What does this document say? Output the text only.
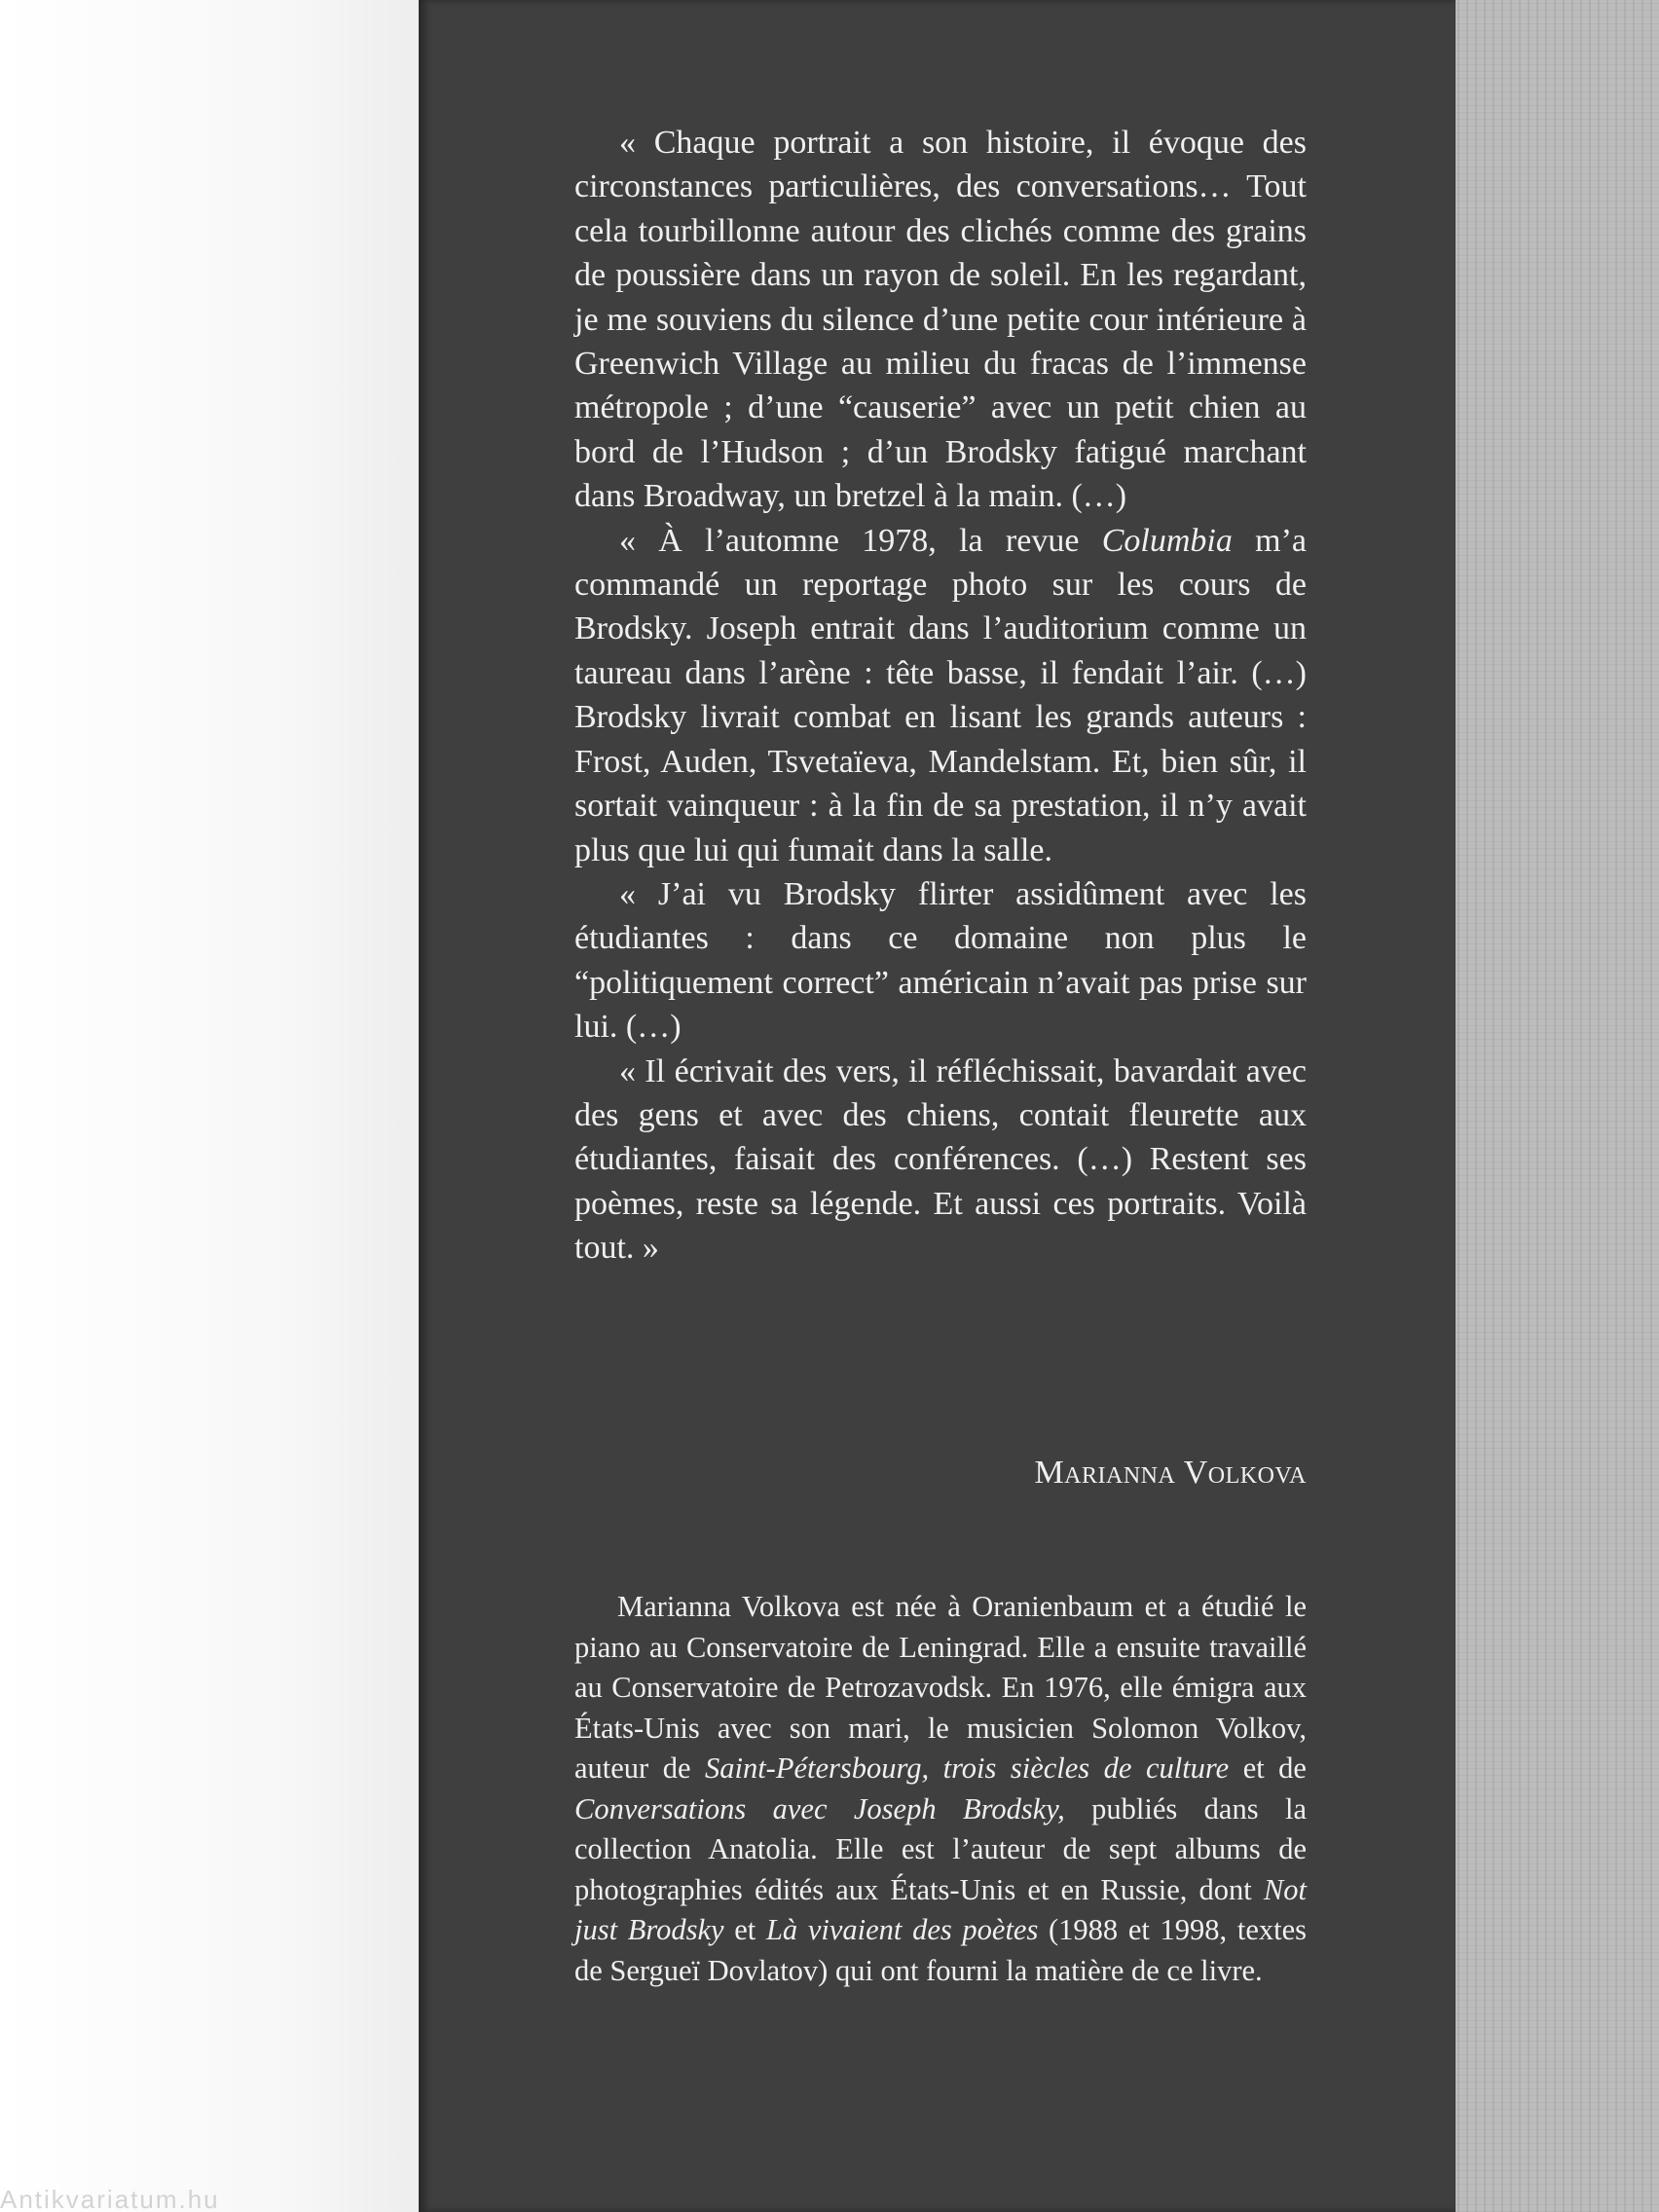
« Chaque portrait a son histoire, il évoque des circonstances particulières, des conversations… Tout cela tourbillonne autour des clichés comme des grains de poussière dans un rayon de soleil. En les regardant, je me souviens du silence d’une petite cour intérieure à Greenwich Village au milieu du fracas de l’immense métropole ; d’une “causerie” avec un petit chien au bord de l’Hudson ; d’un Brodsky fatigué marchant dans Broadway, un bretzel à la main. (…)

« À l’automne 1978, la revue Columbia m’a commandé un reportage photo sur les cours de Brodsky. Joseph entrait dans l’auditorium comme un taureau dans l’arène : tête basse, il fendait l’air. (…) Brodsky livrait combat en lisant les grands auteurs : Frost, Auden, Tsvetaïeva, Mandelstam. Et, bien sûr, il sortait vainqueur : à la fin de sa prestation, il n’y avait plus que lui qui fumait dans la salle.

« J’ai vu Brodsky flirter assidûment avec les étudiantes : dans ce domaine non plus le “politiquement correct” américain n’avait pas prise sur lui. (…)

« Il écrivait des vers, il réfléchissait, bavardait avec des gens et avec des chiens, contait fleurette aux étudiantes, faisait des conférences. (…) Restent ses poèmes, reste sa légende. Et aussi ces portraits. Voilà tout. »

Marianna Volkova

Marianna Volkova est née à Oranienbaum et a étudié le piano au Conservatoire de Leningrad. Elle a ensuite travaillé au Conservatoire de Petrozavodsk. En 1976, elle émigra aux États-Unis avec son mari, le musicien Solomon Volkov, auteur de Saint-Pétersbourg, trois siècles de culture et de Conversations avec Joseph Brodsky, publiés dans la collection Anatolia. Elle est l’auteur de sept albums de photographies édités aux États-Unis et en Russie, dont Not just Brodsky et Là vivaient des poètes (1988 et 1998, textes de Sergueï Dovlatov) qui ont fourni la matière de ce livre.

Antikvariatum.hu
